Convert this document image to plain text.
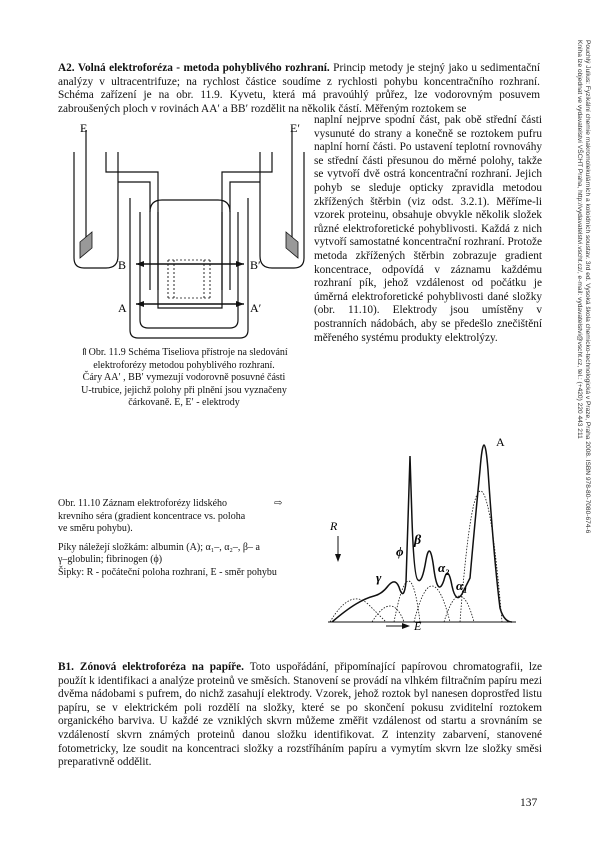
A2. Volná elektroforéza - metoda pohyblivého rozhraní. Princip metody je stejný jako u sedimentační analýzy v ultracentrifuze; na rychlost částice soudíme z rychlosti pohybu koncentračního rozhraní. Schéma zařízení je na obr. 11.9. Kyvetu, která má pravoúhlý průřez, lze vodorovným posuvem zabroušených ploch v rovinách AA′ a BB′ rozdělit na několik částí. Měřeným roztokem se

naplní nejprve spodní část, pak obě střední části vysunuté do strany a konečně se roztokem pufru naplní horní části. Po ustavení teplotní rovnováhy se střední části přesunou do měrné polohy, takže se vytvoří dvě ostrá koncentrační rozhraní. Jejich pohyb se sleduje opticky zpravidla metodou zkřížených štěrbin (viz odst. 3.2.1). Měříme-li vzorek proteinu, obsahuje obvykle několik složek různé elektroforetické pohyblivosti. Každá z nich vytvoří samostatné koncentrační rozhraní. Protože metoda zkřížených štěrbin zobrazuje gradient koncentrace, odpovídá v záznamu každému rozhraní pík, jehož vzdálenost od počátku je úměrná elektroforetické pohyblivosti dané složky (obr. 11.10). Elektrody jsou umístěny v postranních nádobách, aby se předešlo znečištění měřeného systému produkty elektrolýzy.

E	E′
B	B′
A	A′
⇑Obr. 11.9 Schéma Tiseliova přístroje na sledování
elektroforézy metodou pohyblivého rozhraní.
Čáry AA′ , BB′ vymezují vodorovně posuvné části
U-trubice, jejichž polohy při plnění jsou vyznačeny
čárkovaně. E, E′ - elektrody
Obr. 11.10 Záznam elektroforézy lidského	⇨
krevního séra (gradient koncentrace vs. poloha
ve směru pohybu).
Píky náležejí složkám: albumin (A); α₁–, α₂–, β– a
γ–globulin; fibrinogen (ϕ)
Šipky: R - počáteční poloha rozhraní, E - směr pohybu
R
E
A
β
ϕ
γ
$\alpha_2$
$\alpha_1$

B1. Zónová elektroforéza na papíře. Toto uspořádání, připomínající papírovou chromatografii, lze použít k identifikaci a analýze proteinů ve směsích. Stanovení se provádí na vlhkém filtračním papíru mezi dvěma nádobami s pufrem, do nichž zasahují elektrody. Vzorek, jehož roztok byl nanesen doprostřed listu papíru, se v elektrickém poli rozdělí na složky, které se po skončení pokusu zviditelní roztokem organického barviva. U každé ze vzniklých skvrn můžeme změřit vzdálenost od startu a srovnáním se vzdáleností skvrn známých proteinů danou složku identifikovat. Z intenzity zabarvení, stanovené fotometricky, lze soudit na koncentraci složky a rozstříháním papíru a vymytím skvrn lze složky směsi preparativně oddělit.

Pouchlý Julius: Fyzikální chemie makromolekulárních a koloidních soustav. 3rd ed. Vysoká škola chemicko-technologická v Praze, Praha 2008. ISBN 978-80-7080-674-6
Kniha lze objednat ve vydavatelství VŠCHT Praha, http://vydavatelstvi.vscht.cz/, e-mail: vydavatelstvi@vscht.cz, tel.: (+420) 220 443 211
137
